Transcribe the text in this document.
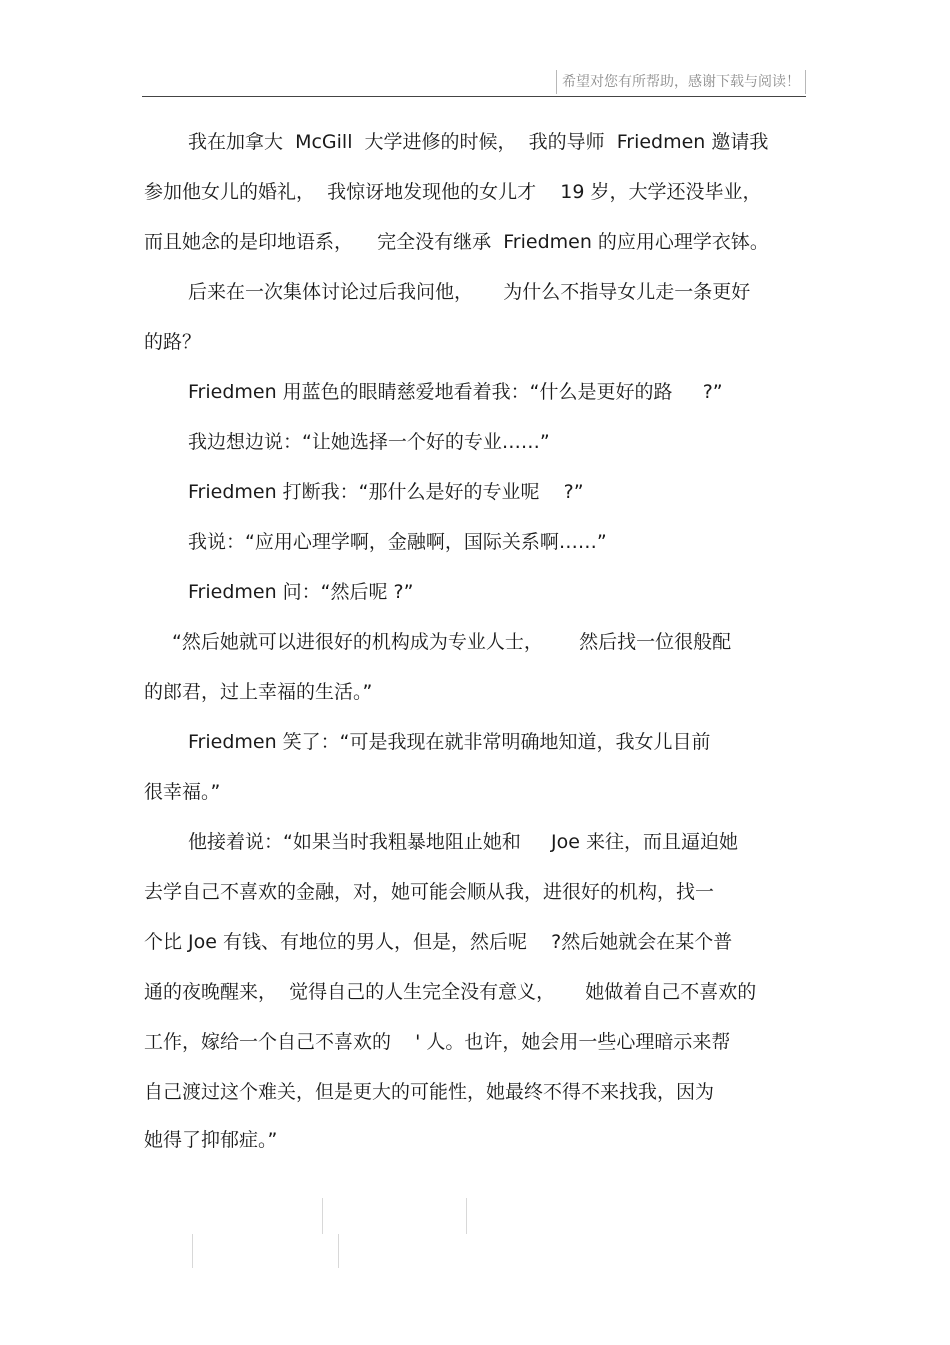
希望对您有所帮助，感谢下载与阅读！
我在加拿大  McGill  大学进修的时候，  我的导师  Friedmen 邀请我
参加他女儿的婚礼，  我惊讶地发现他的女儿才    19 岁，大学还没毕业，
而且她念的是印地语系，    完全没有继承  Friedmen 的应用心理学衣钵。
后来在一次集体讨论过后我问他，     为什么不指导女儿走一条更好
的路？
Friedmen 用蓝色的眼睛慈爱地看着我：“什么是更好的路     ?”
我边想边说：“让她选择一个好的专业……”
Friedmen 打断我：“那什么是好的专业呢    ?”
我说：“应用心理学啊，金融啊，国际关系啊……”
Friedmen 问：“然后呢 ?”
“然后她就可以进很好的机构成为专业人士，      然后找一位很般配
的郎君，过上幸福的生活。”
Friedmen 笑了：“可是我现在就非常明确地知道，我女儿目前
很幸福。”
他接着说：“如果当时我粗暴地阻止她和     Joe 来往，而且逼迫她
去学自己不喜欢的金融，对，她可能会顺从我，进很好的机构，找一
个比 Joe 有钱、有地位的男人，但是，然后呢    ?然后她就会在某个普
通的夜晚醒来，  觉得自己的人生完全没有意义，     她做着自己不喜欢的
工作，嫁给一个自己不喜欢的    ' 人。也许，她会用一些心理暗示来帮
自己渡过这个难关，但是更大的可能性，她最终不得不来找我，因为
她得了抑郁症。”
